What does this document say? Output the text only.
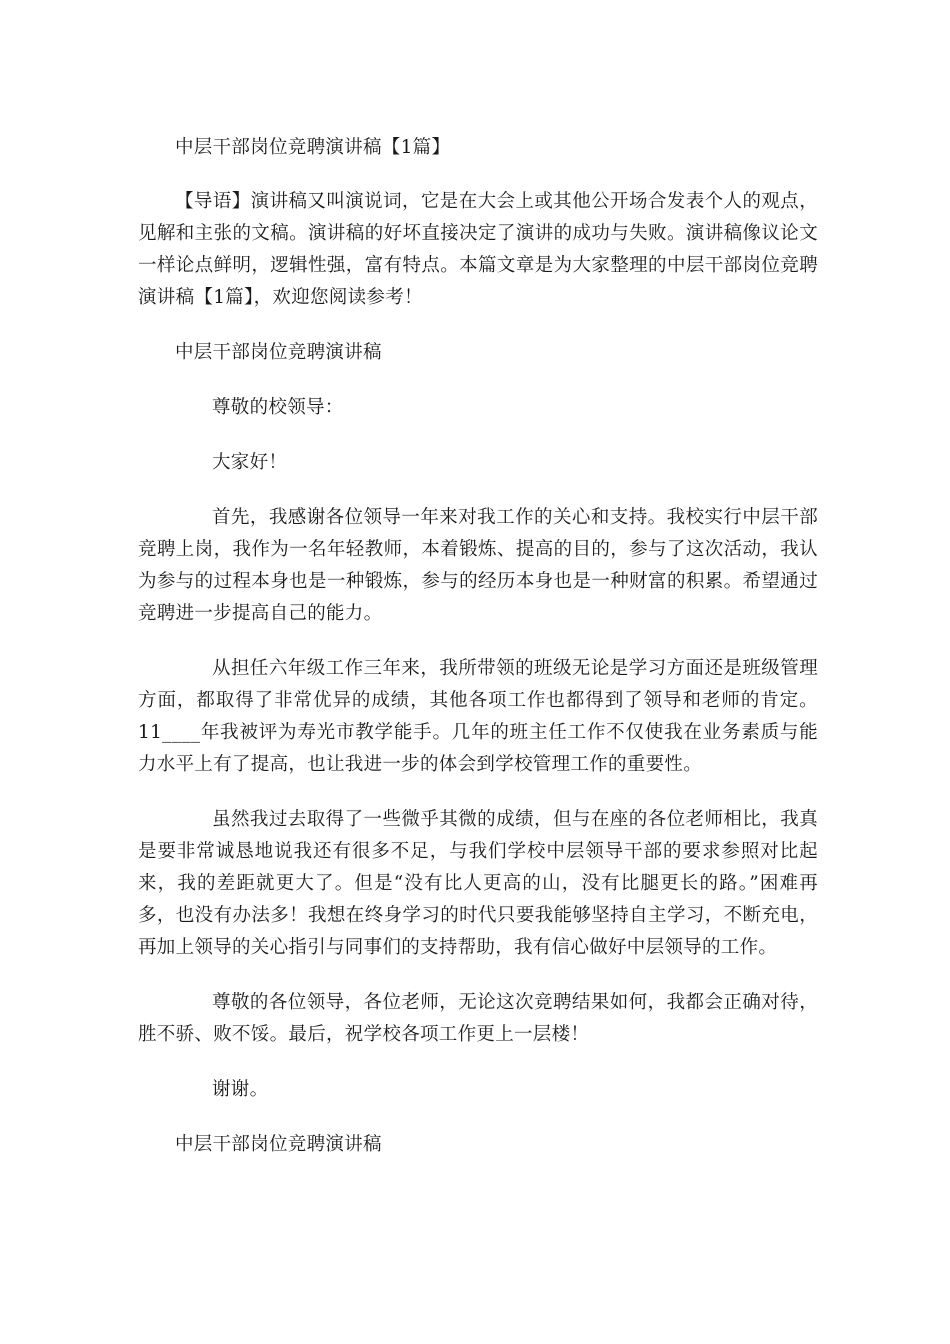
中层干部岗位竞聘演讲稿【1篇】

【导语】演讲稿又叫演说词，它是在大会上或其他公开场合发表个人的观点，见解和主张的文稿。演讲稿的好坏直接决定了演讲的成功与失败。演讲稿像议论文一样论点鲜明，逻辑性强，富有特点。本篇文章是为大家整理的中层干部岗位竞聘演讲稿【1篇】，欢迎您阅读参考！

中层干部岗位竞聘演讲稿

尊敬的校领导：

大家好！

首先，我感谢各位领导一年来对我工作的关心和支持。我校实行中层干部竞聘上岗，我作为一名年轻教师，本着锻炼、提高的目的，参与了这次活动，我认为参与的过程本身也是一种锻炼，参与的经历本身也是一种财富的积累。希望通过竞聘进一步提高自己的能力。

从担任六年级工作三年来，我所带领的班级无论是学习方面还是班级管理方面，都取得了非常优异的成绩，其他各项工作也都得到了领导和老师的肯定。11____年我被评为寿光市教学能手。几年的班主任工作不仅使我在业务素质与能力水平上有了提高，也让我进一步的体会到学校管理工作的重要性。

虽然我过去取得了一些微乎其微的成绩，但与在座的各位老师相比，我真是要非常诚恳地说我还有很多不足，与我们学校中层领导干部的要求参照对比起来，我的差距就更大了。但是“没有比人更高的山，没有比腿更长的路。”困难再多，也没有办法多！我想在终身学习的时代只要我能够坚持自主学习，不断充电，再加上领导的关心指引与同事们的支持帮助，我有信心做好中层领导的工作。

尊敬的各位领导，各位老师，无论这次竞聘结果如何，我都会正确对待，胜不骄、败不馁。最后，祝学校各项工作更上一层楼！

谢谢。

中层干部岗位竞聘演讲稿
